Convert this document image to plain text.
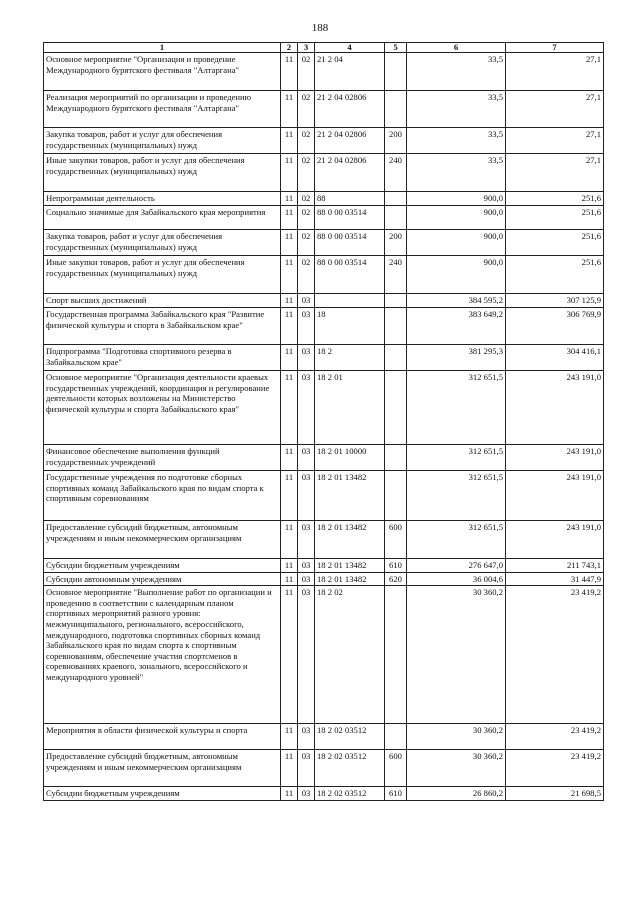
188
1	2	3	4	5	6	7
Основное мероприятие "Организация и проведение Международного бурятского фестиваля "Алтаргана"	11	02	21 2 04		33,5	27,1
Реализация мероприятий по организации и проведению Международного бурятского фестиваля "Алтаргана"	11	02	21 2 04 02806		33,5	27,1
Закупка товаров, работ и услуг для обеспечения государственных (муниципальных) нужд	11	02	21 2 04 02806	200	33,5	27,1
Иные закупки товаров, работ и услуг для обеспечения государственных (муниципальных) нужд	11	02	21 2 04 02806	240	33,5	27,1
Непрограммная деятельность	11	02	88		900,0	251,6
Социально значимые для Забайкальского края мероприятия	11	02	88 0 00 03514		900,0	251,6
Закупка товаров, работ и услуг для обеспечения государственных (муниципальных) нужд	11	02	88 0 00 03514	200	900,0	251,6
Иные закупки товаров, работ и услуг для обеспечения государственных (муниципальных) нужд	11	02	88 0 00 03514	240	900,0	251,6
Спорт высших достижений	11	03			384 595,2	307 125,9
Государственная программа Забайкальского края "Развитие физической культуры и спорта в Забайкальском крае"	11	03	18		383 649,2	306 769,9
Подпрограмма "Подготовка спортивного резерва в Забайкальском крае"	11	03	18 2		381 295,3	304 416,1
Основное мероприятие "Организация деятельности краевых государственных учреждений, координация и регулирование деятельности которых возложены на Министерство физической культуры и спорта Забайкальского края"	11	03	18 2 01		312 651,5	243 191,0
Финансовое обеспечение выполнения функций государственных учреждений	11	03	18 2 01 10000		312 651,5	243 191,0
Государственные учреждения по подготовке сборных спортивных команд Забайкальского края по видам спорта к спортивным соревнованиям	11	03	18 2 01 13482		312 651,5	243 191,0
Предоставление субсидий бюджетным, автономным учреждениям и иным некоммерческим организациям	11	03	18 2 01 13482	600	312 651,5	243 191,0
Субсидии бюджетным учреждениям	11	03	18 2 01 13482	610	276 647,0	211 743,1
Субсидии автономным учреждениям	11	03	18 2 01 13482	620	36 004,6	31 447,9
Основное мероприятие "Выполнение работ по организации и проведению в соответствии с календарным планом спортивных мероприятий разного уровня: межмуниципального, регионального, всероссийского, международного, подготовка спортивных сборных команд Забайкальского края по видам спорта к спортивным соревнованиям, обеспечение участия спортсменов в соревнованиях краевого, зонального, всероссийского и международного уровней"	11	03	18 2 02		30 360,2	23 419,2
Мероприятия в области физической культуры и спорта	11	03	18 2 02 03512		30 360,2	23 419,2
Предоставление субсидий бюджетным, автономным учреждениям и иным некоммерческим организациям	11	03	18 2 02 03512	600	30 360,2	23 419,2
Субсидии бюджетным учреждениям	11	03	18 2 02 03512	610	26 860,2	21 698,5
